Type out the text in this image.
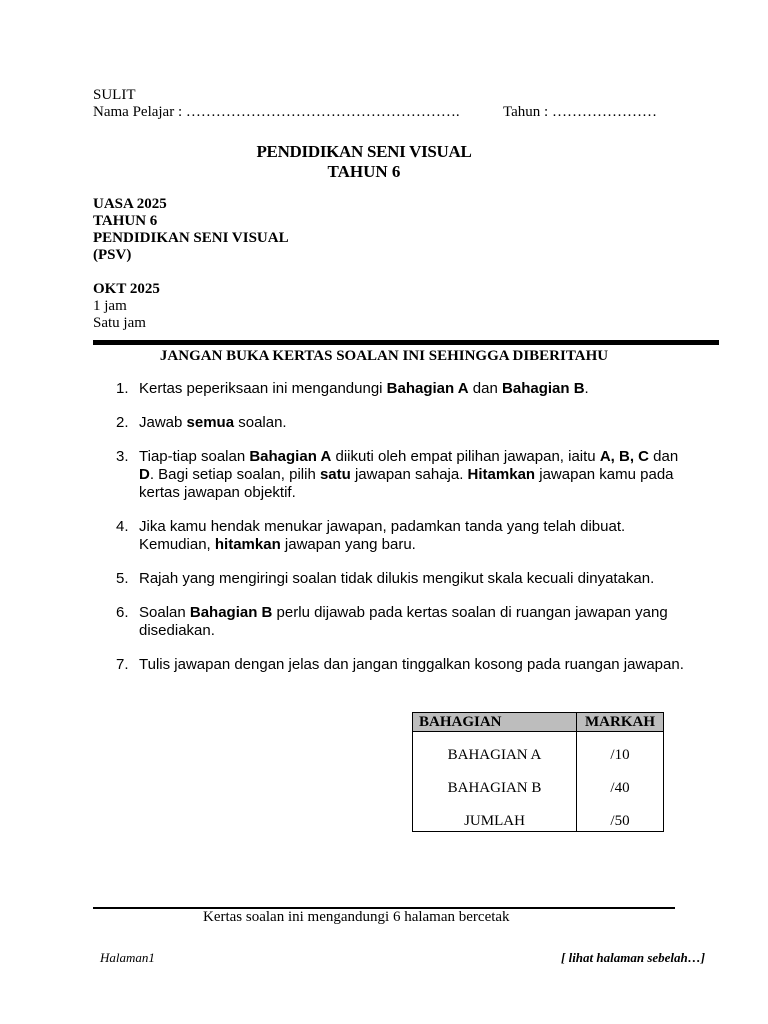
SULIT
Nama Pelajar : ……………………………………………….	Tahun : …………………
PENDIDIKAN SENI VISUAL
TAHUN 6
UASA 2025
TAHUN 6
PENDIDIKAN SENI VISUAL
(PSV)
OKT 2025
1 jam
Satu jam
JANGAN BUKA KERTAS SOALAN INI SEHINGGA DIBERITAHU
1. Kertas peperiksaan ini mengandungi Bahagian A dan Bahagian B.
2. Jawab semua soalan.
3. Tiap-tiap soalan Bahagian A diikuti oleh empat pilihan jawapan, iaitu A, B, C dan D. Bagi setiap soalan, pilih satu jawapan sahaja. Hitamkan jawapan kamu pada kertas jawapan objektif.
4. Jika kamu hendak menukar jawapan, padamkan tanda yang telah dibuat. Kemudian, hitamkan jawapan yang baru.
5. Rajah yang mengiringi soalan tidak dilukis mengikut skala kecuali dinyatakan.
6. Soalan Bahagian B perlu dijawab pada kertas soalan di ruangan jawapan yang disediakan.
7. Tulis jawapan dengan jelas dan jangan tinggalkan kosong pada ruangan jawapan.
BAHAGIAN	MARKAH
BAHAGIAN A	/10
BAHAGIAN B	/40
JUMLAH	/50
Kertas soalan ini mengandungi 6 halaman bercetak
Halaman1	[ lihat halaman sebelah…]
